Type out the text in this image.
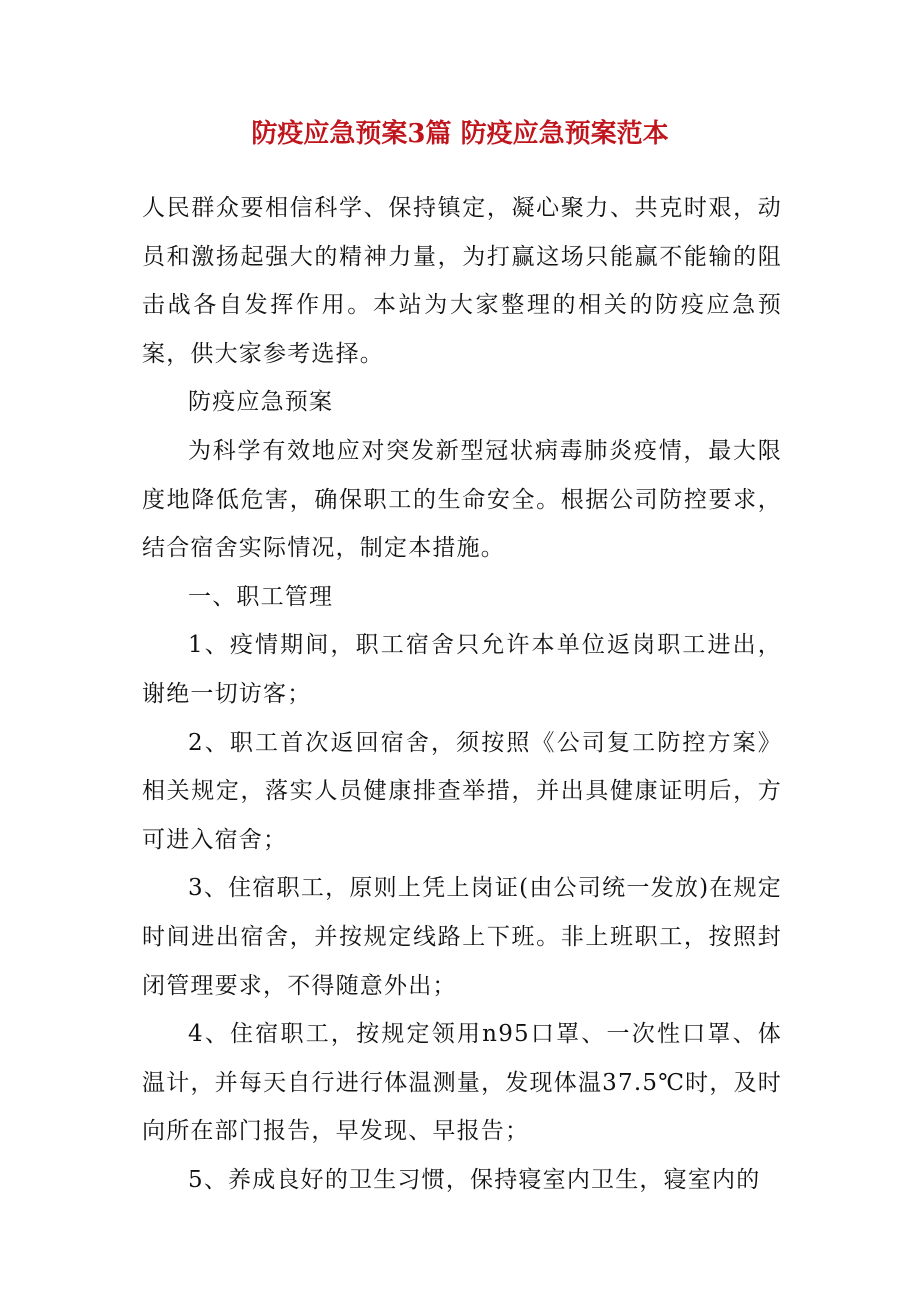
防疫应急预案3篇 防疫应急预案范本

人民群众要相信科学、保持镇定，凝心聚力、共克时艰，动员和激扬起强大的精神力量，为打赢这场只能赢不能输的阻击战各自发挥作用。本站为大家整理的相关的防疫应急预案，供大家参考选择。

防疫应急预案

为科学有效地应对突发新型冠状病毒肺炎疫情，最大限度地降低危害，确保职工的生命安全。根据公司防控要求，结合宿舍实际情况，制定本措施。

一、职工管理

1、疫情期间，职工宿舍只允许本单位返岗职工进出，谢绝一切访客；

2、职工首次返回宿舍，须按照《公司复工防控方案》相关规定，落实人员健康排查举措，并出具健康证明后，方可进入宿舍；

3、住宿职工，原则上凭上岗证(由公司统一发放)在规定时间进出宿舍，并按规定线路上下班。非上班职工，按照封闭管理要求，不得随意外出；

4、住宿职工，按规定领用n95口罩、一次性口罩、体温计，并每天自行进行体温测量，发现体温37.5℃时，及时向所在部门报告，早发现、早报告；

5、养成良好的卫生习惯，保持寝室内卫生，寝室内的
